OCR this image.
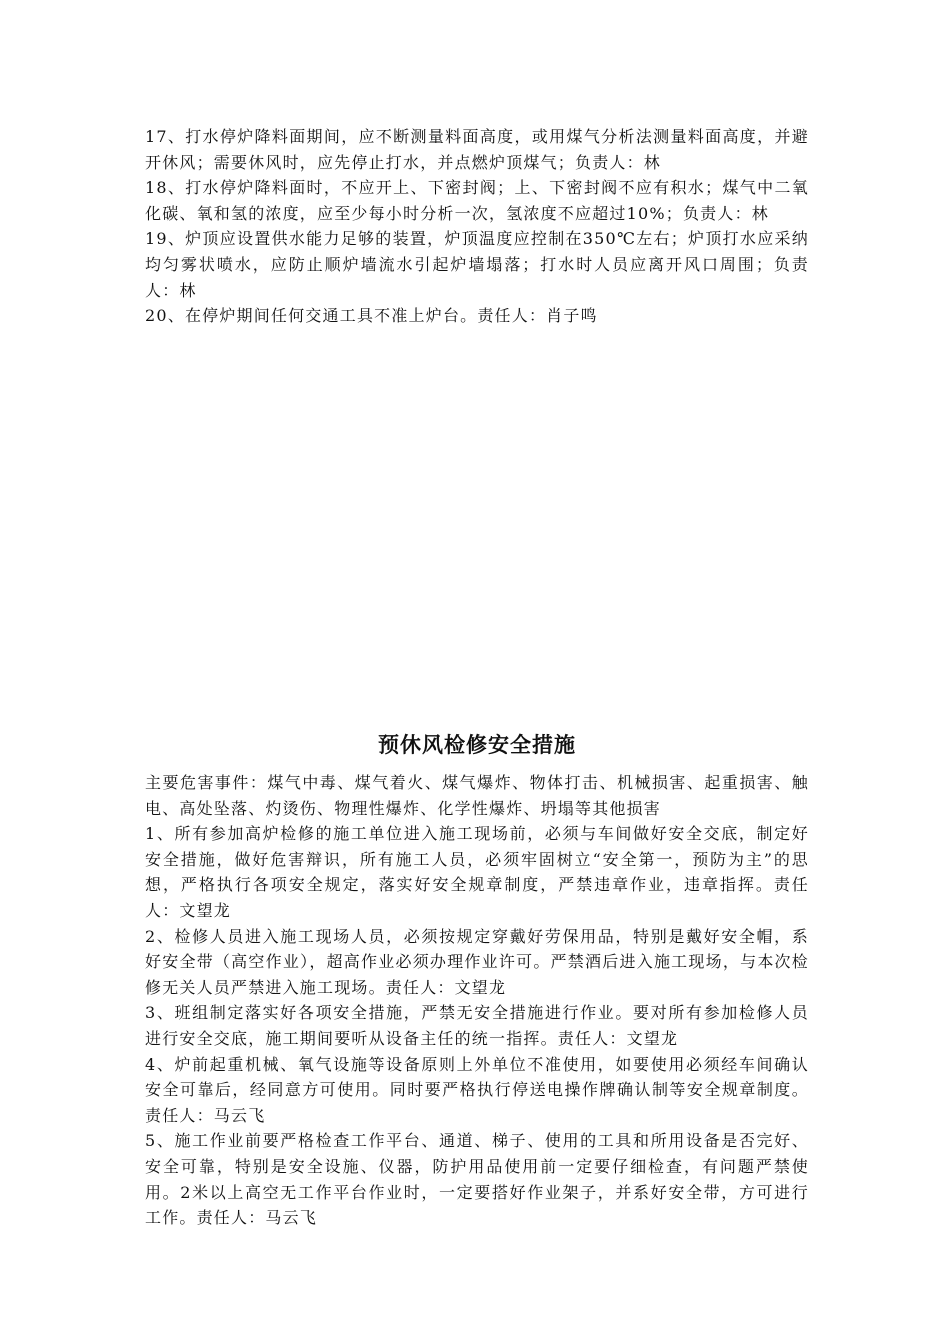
17、打水停炉降料面期间，应不断测量料面高度，或用煤气分析法测量料面高度，并避开休风；需要休风时，应先停止打水，并点燃炉顶煤气；负责人：林

18、打水停炉降料面时，不应开上、下密封阀；上、下密封阀不应有积水；煤气中二氧化碳、氧和氢的浓度，应至少每小时分析一次，氢浓度不应超过10%；负责人：林

19、炉顶应设置供水能力足够的装置，炉顶温度应控制在350℃左右；炉顶打水应采纳均匀雾状喷水，应防止顺炉墙流水引起炉墙塌落；打水时人员应离开风口周围；负责人：林

20、在停炉期间任何交通工具不准上炉台。责任人：肖子鸣

预休风检修安全措施

主要危害事件：煤气中毒、煤气着火、煤气爆炸、物体打击、机械损害、起重损害、触电、高处坠落、灼烫伤、物理性爆炸、化学性爆炸、坍塌等其他损害

1、所有参加高炉检修的施工单位进入施工现场前，必须与车间做好安全交底，制定好安全措施，做好危害辩识，所有施工人员，必须牢固树立“安全第一，预防为主”的思想，严格执行各项安全规定，落实好安全规章制度，严禁违章作业，违章指挥。责任人：文望龙

2、检修人员进入施工现场人员，必须按规定穿戴好劳保用品，特别是戴好安全帽，系好安全带（高空作业），超高作业必须办理作业许可。严禁酒后进入施工现场，与本次检修无关人员严禁进入施工现场。责任人：文望龙

3、班组制定落实好各项安全措施，严禁无安全措施进行作业。要对所有参加检修人员进行安全交底，施工期间要听从设备主任的统一指挥。责任人：文望龙

4、炉前起重机械、氧气设施等设备原则上外单位不准使用，如要使用必须经车间确认安全可靠后，经同意方可使用。同时要严格执行停送电操作牌确认制等安全规章制度。责任人：马云飞

5、施工作业前要严格检查工作平台、通道、梯子、使用的工具和所用设备是否完好、安全可靠，特别是安全设施、仪器，防护用品使用前一定要仔细检查，有问题严禁使用。2米以上高空无工作平台作业时，一定要搭好作业架子，并系好安全带，方可进行工作。责任人：马云飞
